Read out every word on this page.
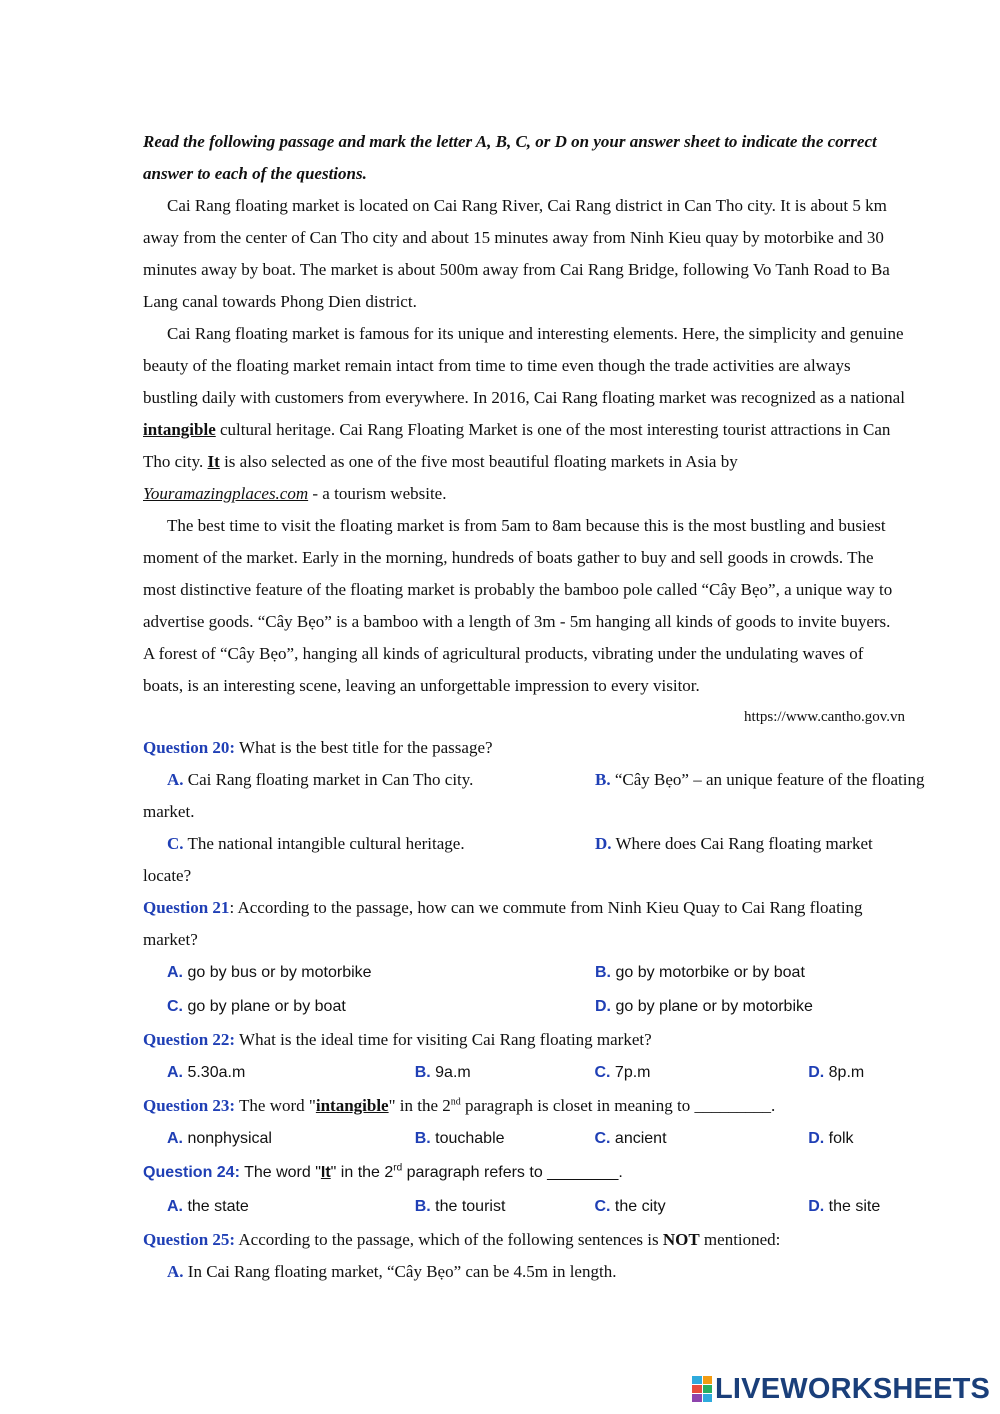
Read the following passage and mark the letter A, B, C, or D on your answer sheet to indicate the correct answer to each of the questions.

Cai Rang floating market is located on Cai Rang River, Cai Rang district in Can Tho city. It is about 5 km away from the center of Can Tho city and about 15 minutes away from Ninh Kieu quay by motorbike and 30 minutes away by boat. The market is about 500m away from Cai Rang Bridge, following Vo Tanh Road to Ba Lang canal towards Phong Dien district.

Cai Rang floating market is famous for its unique and interesting elements. Here, the simplicity and genuine beauty of the floating market remain intact from time to time even though the trade activities are always bustling daily with customers from everywhere. In 2016, Cai Rang floating market was recognized as a national intangible cultural heritage. Cai Rang Floating Market is one of the most interesting tourist attractions in Can Tho city. It is also selected as one of the five most beautiful floating markets in Asia by Youramazingplaces.com - a tourism website.

The best time to visit the floating market is from 5am to 8am because this is the most bustling and busiest moment of the market. Early in the morning, hundreds of boats gather to buy and sell goods in crowds. The most distinctive feature of the floating market is probably the bamboo pole called “Cây Bẹo”, a unique way to advertise goods. “Cây Bẹo” is a bamboo with a length of 3m - 5m hanging all kinds of goods to invite buyers. A forest of “Cây Bẹo”, hanging all kinds of agricultural products, vibrating under the undulating waves of boats, is an interesting scene, leaving an unforgettable impression to every visitor.

https://www.cantho.gov.vn

Question 20: What is the best title for the passage?

A. Cai Rang floating market in Can Tho city.	B. “Cây Bẹo” – an unique feature of the floating

market.

C. The national intangible cultural heritage.	D. Where does Cai Rang floating market

locate?

Question 21: According to the passage, how can we commute from Ninh Kieu Quay to Cai Rang floating market?

A. go by bus or by motorbike	B. go by motorbike or by boat
C. go by plane or by boat	D. go by plane or by motorbike

Question 22: What is the ideal time for visiting Cai Rang floating market?

A. 5.30a.m	B. 9a.m	C. 7p.m	D. 8p.m

Question 23: The word "intangible" in the 2nd paragraph is closet in meaning to _________.

A. nonphysical	B. touchable	C. ancient	D. folk

Question 24: The word "It" in the 2rd paragraph refers to ________.

A. the state	B. the tourist	C. the city	D. the site

Question 25: According to the passage, which of the following sentences is NOT mentioned:

A. In Cai Rang floating market, “Cây Bẹo” can be 4.5m in length.
LIVEWORKSHEETS
